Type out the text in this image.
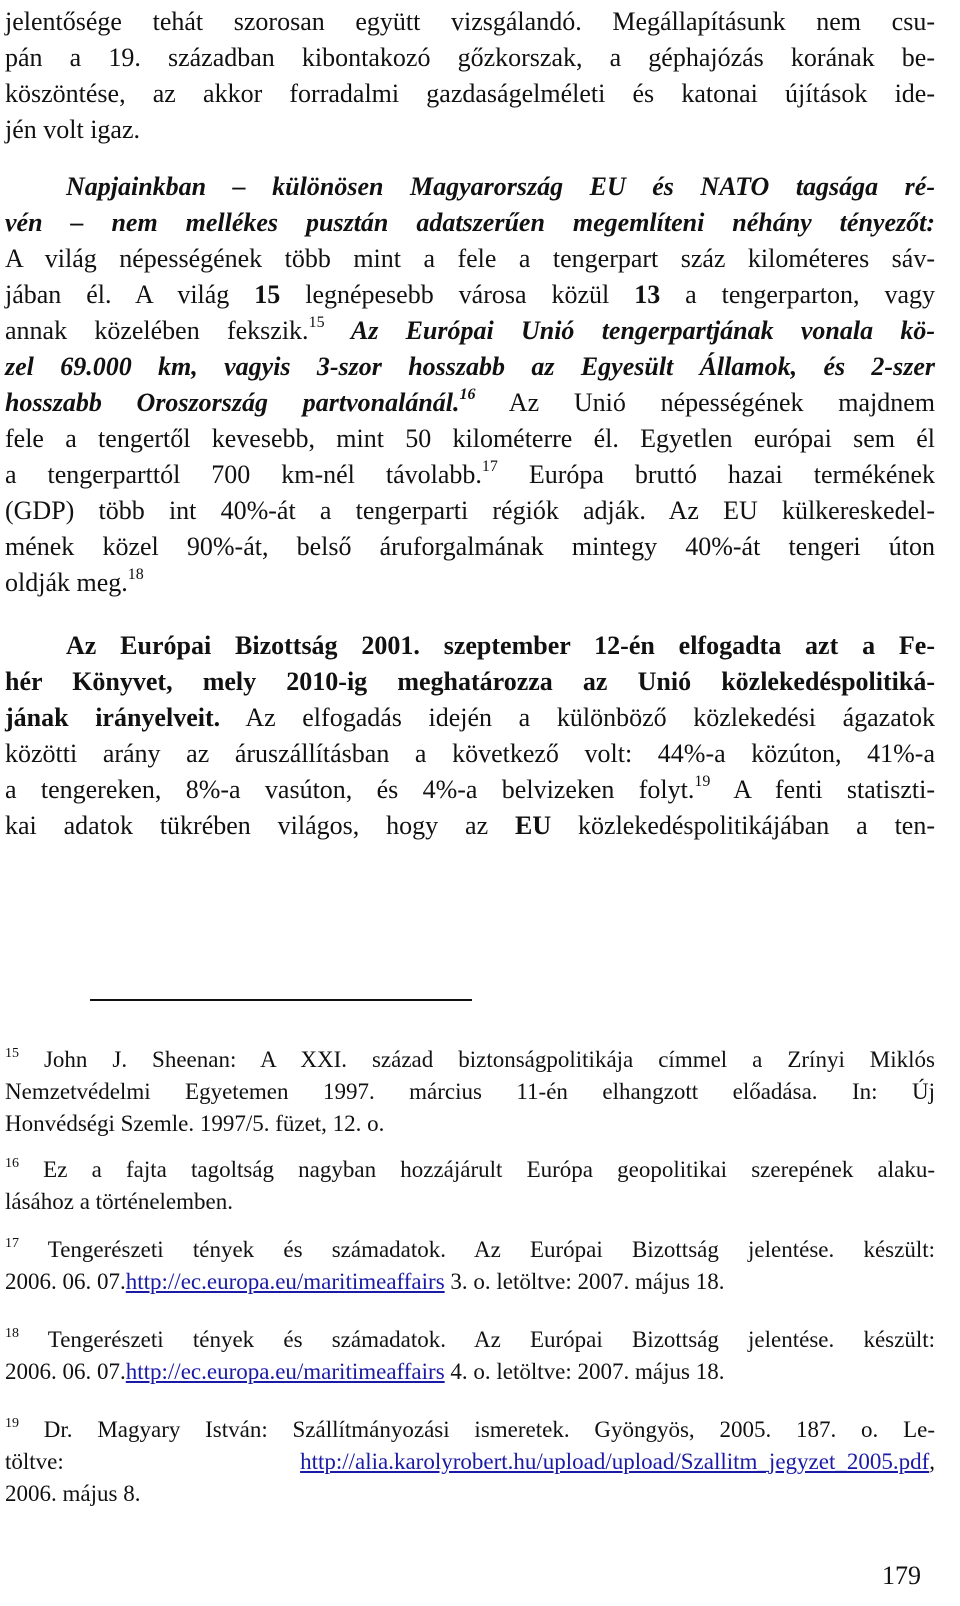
jelentősége tehát szorosan együtt vizsgálandó. Megállapításunk nem csu-
pán a 19. században kibontakozó gőzkorszak, a géphajózás korának be-
köszöntése, az akkor forradalmi gazdaságelméleti és katonai újítások ide-
jén volt igaz.
Napjainkban – különösen Magyarország EU és NATO tagsága ré-
vén – nem mellékes pusztán adatszerűen megemlíteni néhány tényezőt:
A világ népességének több mint a fele a tengerpart száz kilométeres sáv-
jában él. A világ 15 legnépesebb városa közül 13 a tengerparton, vagy
annak közelében fekszik.$^{15}$ Az Európai Unió tengerpartjának vonala kö-
zel 69.000 km, vagyis 3-szor hosszabb az Egyesült Államok, és 2-szer
hosszabb Oroszország partvonalánál.$^{16}$ Az Unió népességének majdnem
fele a tengertől kevesebb, mint 50 kilométerre él. Egyetlen európai sem él
a tengerparttól 700 km-nél távolabb.$^{17}$ Európa bruttó hazai termékének
(GDP) több int 40%-át a tengerparti régiók adják. Az EU külkereskedel-
mének közel 90%-át, belső áruforgalmának mintegy 40%-át tengeri úton
oldják meg.$^{18}$
Az Európai Bizottság 2001. szeptember 12-én elfogadta azt a Fe-
hér Könyvet, mely 2010-ig meghatározza az Unió közlekedéspolitiká-
jának irányelveit. Az elfogadás idején a különböző közlekedési ágazatok
közötti arány az áruszállításban a következő volt: 44%-a közúton, 41%-a
a tengereken, 8%-a vasúton, és 4%-a belvizeken folyt.$^{19}$ A fenti statiszti-
kai adatok tükrében világos, hogy az EU közlekedéspolitikájában a ten-
$^{15}$ John J. Sheenan: A XXI. század biztonságpolitikája címmel a Zrínyi Miklós
Nemzetvédelmi Egyetemen 1997. március 11-én elhangzott előadása. In: Új
Honvédségi Szemle. 1997/5. füzet, 12. o.
$^{16}$ Ez a fajta tagoltság nagyban hozzájárult Európa geopolitikai szerepének alaku-
lásához a történelemben.
$^{17}$ Tengerészeti tények és számadatok. Az Európai Bizottság jelentése. készült:
2006. 06. 07.http://ec.europa.eu/maritimeaffairs 3. o. letöltve: 2007. május 18.
$^{18}$ Tengerészeti tények és számadatok. Az Európai Bizottság jelentése. készült:
2006. 06. 07.http://ec.europa.eu/maritimeaffairs 4. o. letöltve: 2007. május 18.
$^{19}$ Dr. Magyary István: Szállítmányozási ismeretek. Gyöngyös, 2005. 187. o. Le-
töltve: http://alia.karolyrobert.hu/upload/upload/Szallitm_jegyzet_2005.pdf,
2006. május 8.
179
